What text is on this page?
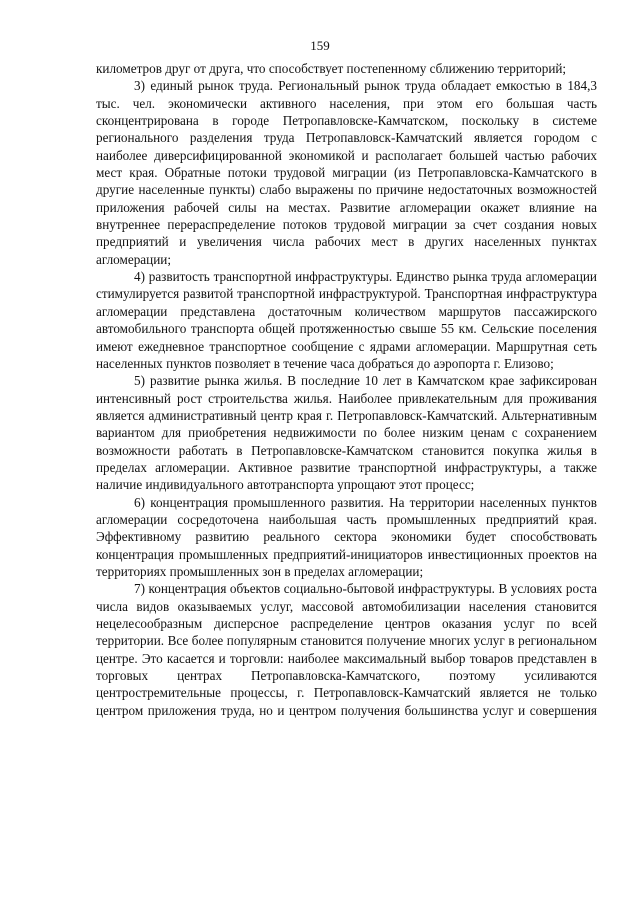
159

километров друг от друга, что способствует постепенному сближению территорий;

3) единый рынок труда. Региональный рынок труда обладает емкостью в 184,3 тыс. чел. экономически активного населения, при этом его большая часть сконцентрирована в городе Петропавловске-Камчатском, поскольку в системе регионального разделения труда Петропавловск-Камчатский является городом с наиболее диверсифицированной экономикой и располагает большей частью рабочих мест края. Обратные потоки трудовой миграции (из Петропавловска-Камчатского в другие населенные пункты) слабо выражены по причине недостаточных возможностей приложения рабочей силы на местах. Развитие агломерации окажет влияние на внутреннее перераспределение потоков трудовой миграции за счет создания новых предприятий и увеличения числа рабочих мест в других населенных пунктах агломерации;

4) развитость транспортной инфраструктуры. Единство рынка труда агломерации стимулируется развитой транспортной инфраструктурой. Транспортная инфраструктура агломерации представлена достаточным количеством маршрутов пассажирского автомобильного транспорта общей протяженностью свыше 55 км. Сельские поселения имеют ежедневное транспортное сообщение с ядрами агломерации. Маршрутная сеть населенных пунктов позволяет в течение часа добраться до аэропорта г. Елизово;

5) развитие рынка жилья. В последние 10 лет в Камчатском крае зафиксирован интенсивный рост строительства жилья. Наиболее привлекательным для проживания является административный центр края г. Петропавловск-Камчатский. Альтернативным вариантом для приобретения недвижимости по более низким ценам с сохранением возможности работать в Петропавловске-Камчатском становится покупка жилья в пределах агломерации. Активное развитие транспортной инфраструктуры, а также наличие индивидуального автотранспорта упрощают этот процесс;

6) концентрация промышленного развития. На территории населенных пунктов агломерации сосредоточена наибольшая часть промышленных предприятий края. Эффективному развитию реального сектора экономики будет способствовать концентрация промышленных предприятий-инициаторов инвестиционных проектов на территориях промышленных зон в пределах агломерации;

7) концентрация объектов социально-бытовой инфраструктуры. В условиях роста числа видов оказываемых услуг, массовой автомобилизации населения становится нецелесообразным дисперсное распределение центров оказания услуг по всей территории. Все более популярным становится получение многих услуг в региональном центре. Это касается и торговли: наиболее максимальный выбор товаров представлен в торговых центрах Петропавловска-Камчатского, поэтому усиливаются центростремительные процессы, г. Петропавловск-Камчатский является не только центром приложения труда, но и центром получения большинства услуг и совершения
